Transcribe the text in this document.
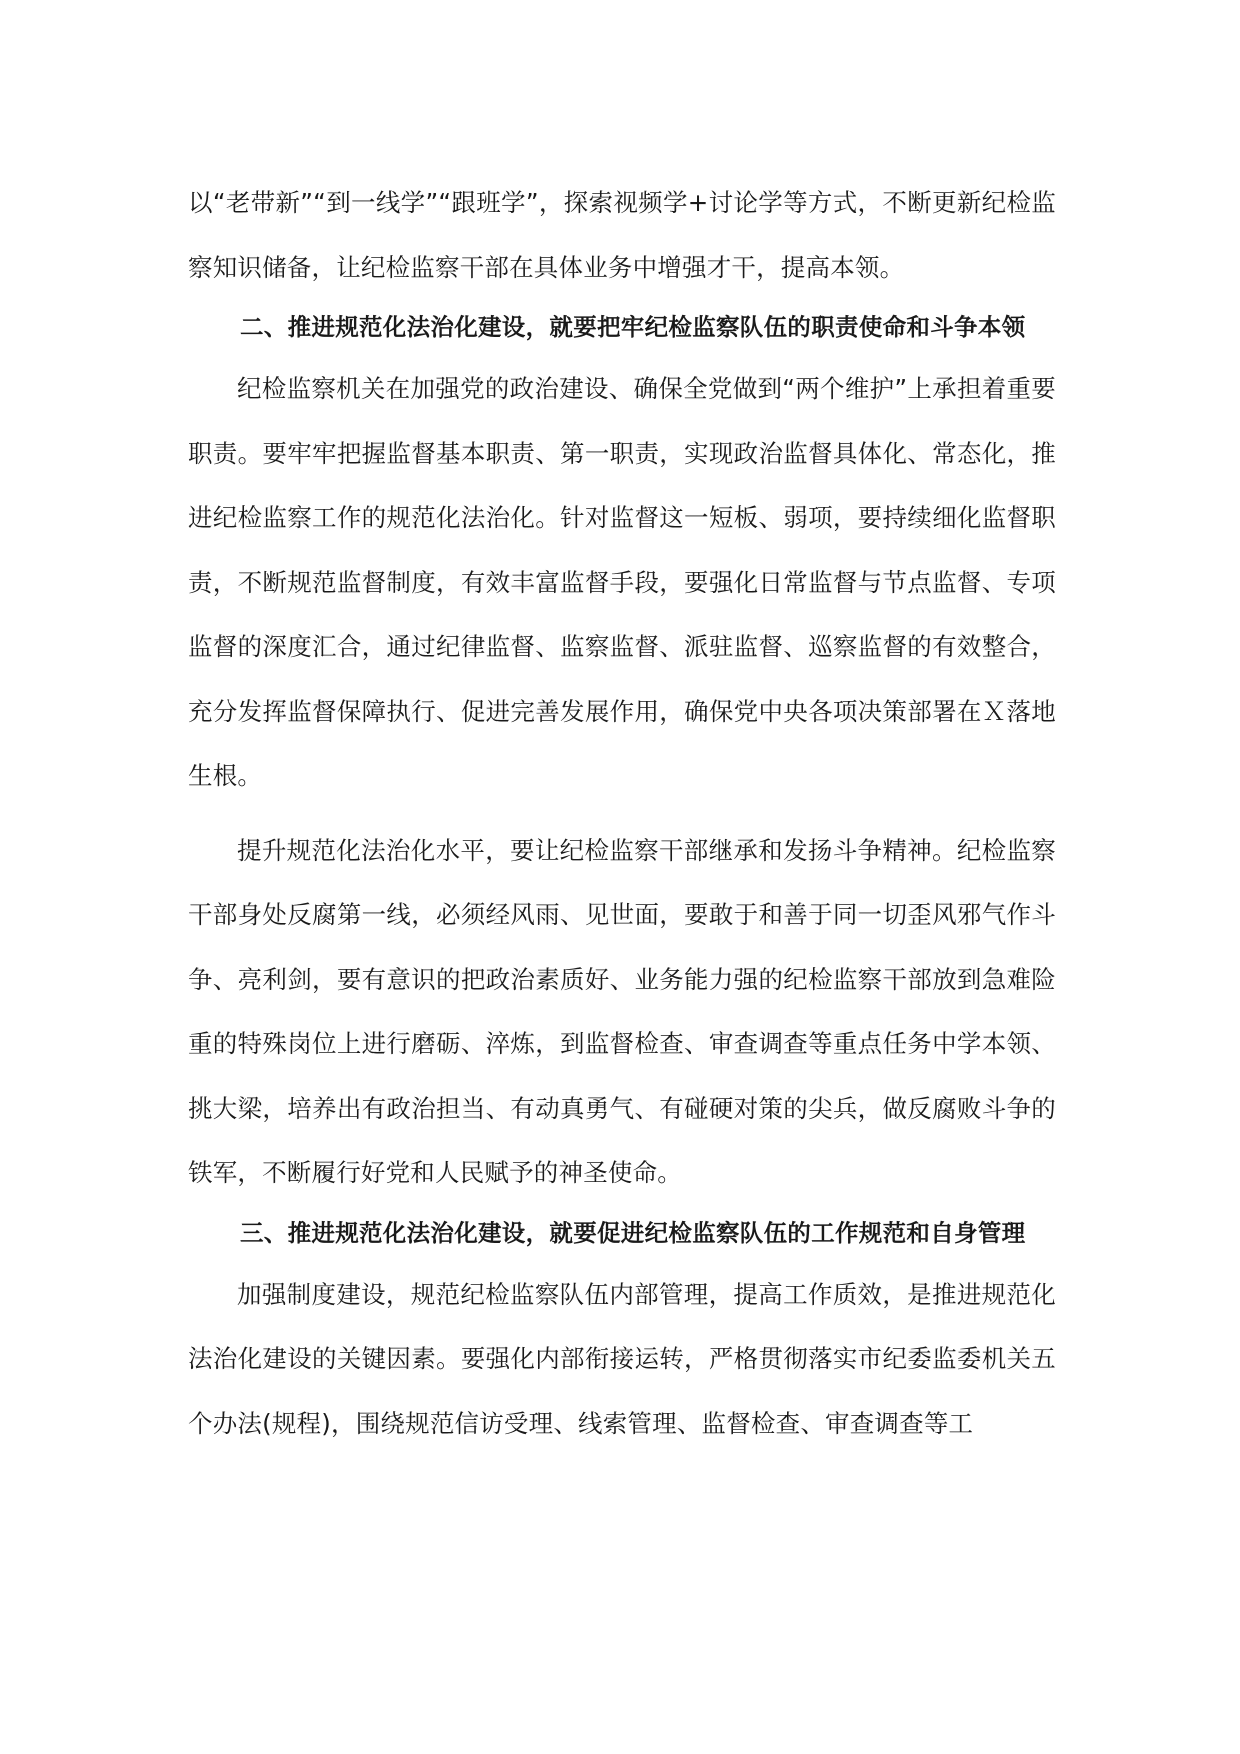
以“老带新”“到一线学”“跟班学”，探索视频学+讨论学等方式，不断更新纪检监察知识储备，让纪检监察干部在具体业务中增强才干，提高本领。

二、推进规范化法治化建设，就要把牢纪检监察队伍的职责使命和斗争本领

纪检监察机关在加强党的政治建设、确保全党做到“两个维护”上承担着重要职责。要牢牢把握监督基本职责、第一职责，实现政治监督具体化、常态化，推进纪检监察工作的规范化法治化。针对监督这一短板、弱项，要持续细化监督职责，不断规范监督制度，有效丰富监督手段，要强化日常监督与节点监督、专项监督的深度汇合，通过纪律监督、监察监督、派驻监督、巡察监督的有效整合，充分发挥监督保障执行、促进完善发展作用，确保党中央各项决策部署在Ｘ落地生根。

提升规范化法治化水平，要让纪检监察干部继承和发扬斗争精神。纪检监察干部身处反腐第一线，必须经风雨、见世面，要敢于和善于同一切歪风邪气作斗争、亮利剑，要有意识的把政治素质好、业务能力强的纪检监察干部放到急难险重的特殊岗位上进行磨砺、淬炼，到监督检查、审查调查等重点任务中学本领、挑大梁，培养出有政治担当、有动真勇气、有碰硬对策的尖兵，做反腐败斗争的铁军，不断履行好党和人民赋予的神圣使命。

三、推进规范化法治化建设，就要促进纪检监察队伍的工作规范和自身管理

加强制度建设，规范纪检监察队伍内部管理，提高工作质效，是推进规范化法治化建设的关键因素。要强化内部衔接运转，严格贯彻落实市纪委监委机关五个办法(规程)，围绕规范信访受理、线索管理、监督检查、审查调查等工
